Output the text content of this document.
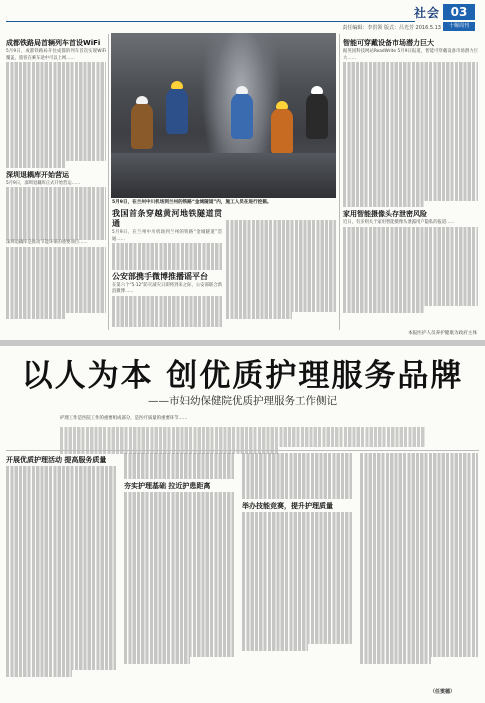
社会 03
责任编辑：李洪领 版式：吕光芳 2016.5.13	十堰周刊
成都铁路局首辆列车首设WiFi

5月9日，成都铁路局开往成都的列车首次实现WiFi覆盖，旅客在乘车途中可以上网……

深圳退耦库开始营运

5月9日，深圳退耦库正式开始营运……

深圳退耦库是推动节能环保的重要项目……

5月9日，在兰州中川机场到兰州的铁路“金城隧道”内，施工人员在进行挖掘。
我国首条穿越黄河地铁隧道贯通

5月9日，在兰州中川机场到兰州的铁路“金城隧道”贯通……

公安部携手微博推播谣平台

在第六个“5·12”防灾减灾日即将到来之际，公安部联合新浪微博……

智能可穿戴设备市场潜力巨大

据英国科技网站ReadWrite 5月9日报道，智能可穿戴设备市场潜力巨大……

家用智能摄像头存泄密风险

近日，有多则关于家用智能摄像头泄露用户隐私的报道……

本报医护人员养护健康为政府主体
以人为本 创优质护理服务品牌
——市妇幼保健院优质护理服务工作侧记

护理工作是医院工作的重要组成部分，是医疗质量的重要环节……

开展优质护理活动 提高服务质量
夯实护理基础 拉近护患距离
举办技能竞赛，提升护理质量
（任雯德）
